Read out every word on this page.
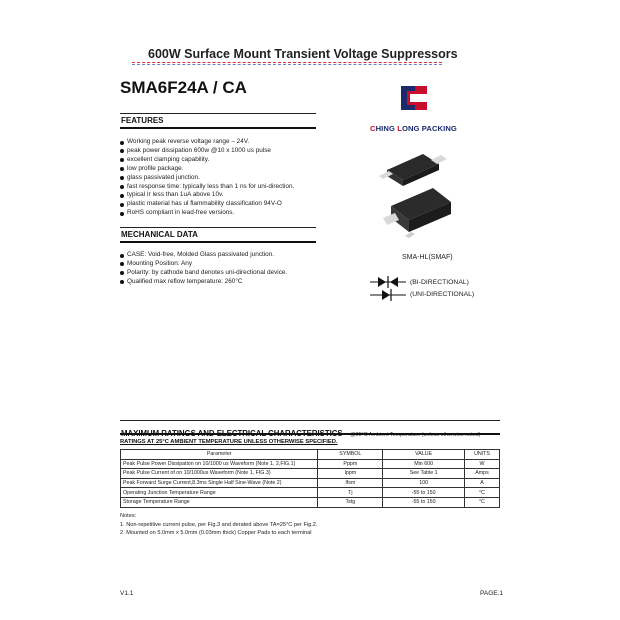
600W Surface Mount Transient Voltage Suppressors
SMA6F24A / CA
FEATURES
Working peak reverse voltage range – 24V.
peak power dissipation 600w @10 x 1000 us pulse
excellent clamping capability.
low profile package.
glass passivated junction.
fast response time: typically less than 1 ns for uni-direction.
typical Ir less than 1uA above 10v.
plastic material has ul flammability classification 94V-O
RoHS compliant in lead-free versions.
MECHANICAL DATA
CASE: Void-free, Molded Glass passivated junction.
Mounting Position: Any
Polarity: by cathode band denotes uni-directional device.
Qualified max reflow temperature: 260°C
CHING LONG PACKING
SMA-HL(SMAF)
(BI-DIRECTIONAL)
(UNI-DIRECTIONAL)
MAXIMUM RATINGS AND ELECTRICAL CHARACTERISTICS @25°C Ambient Temperature (unless otherwise noted)
RATINGS AT 25°C AMBIENT TEMPERATURE UNLESS OTHERWISE SPECIFIED.
Parameter	SYMBOL	VALUE	UNITS
Peak Pulse Power Dissipation on 10/1000 us Waveform (Note 1, 2,FIG.1)	Pppm	Min 600	W
Peak Pulse Current of on 10/1000us Waveform (Note 1, FIG.3)	Ippm	See Table 1	Amps
Peak Forward Surge Current,8.3ms Single Half Sine-Wave (Note 2)	Ifsm	100	A
Operating Junction Temperature Range	Tj	-55 to 150	°C
Storage Temperature Range	Tstg	-55 to 150	°C
Notes:
1. Non-repetitive current pulse, per Fig.3 and derated above TA=25°C per Fig.2.
2. Mounted on 5.0mm x 5.0mm (0.03mm thick) Copper Pads to each terminal
V1.1	PAGE.1
